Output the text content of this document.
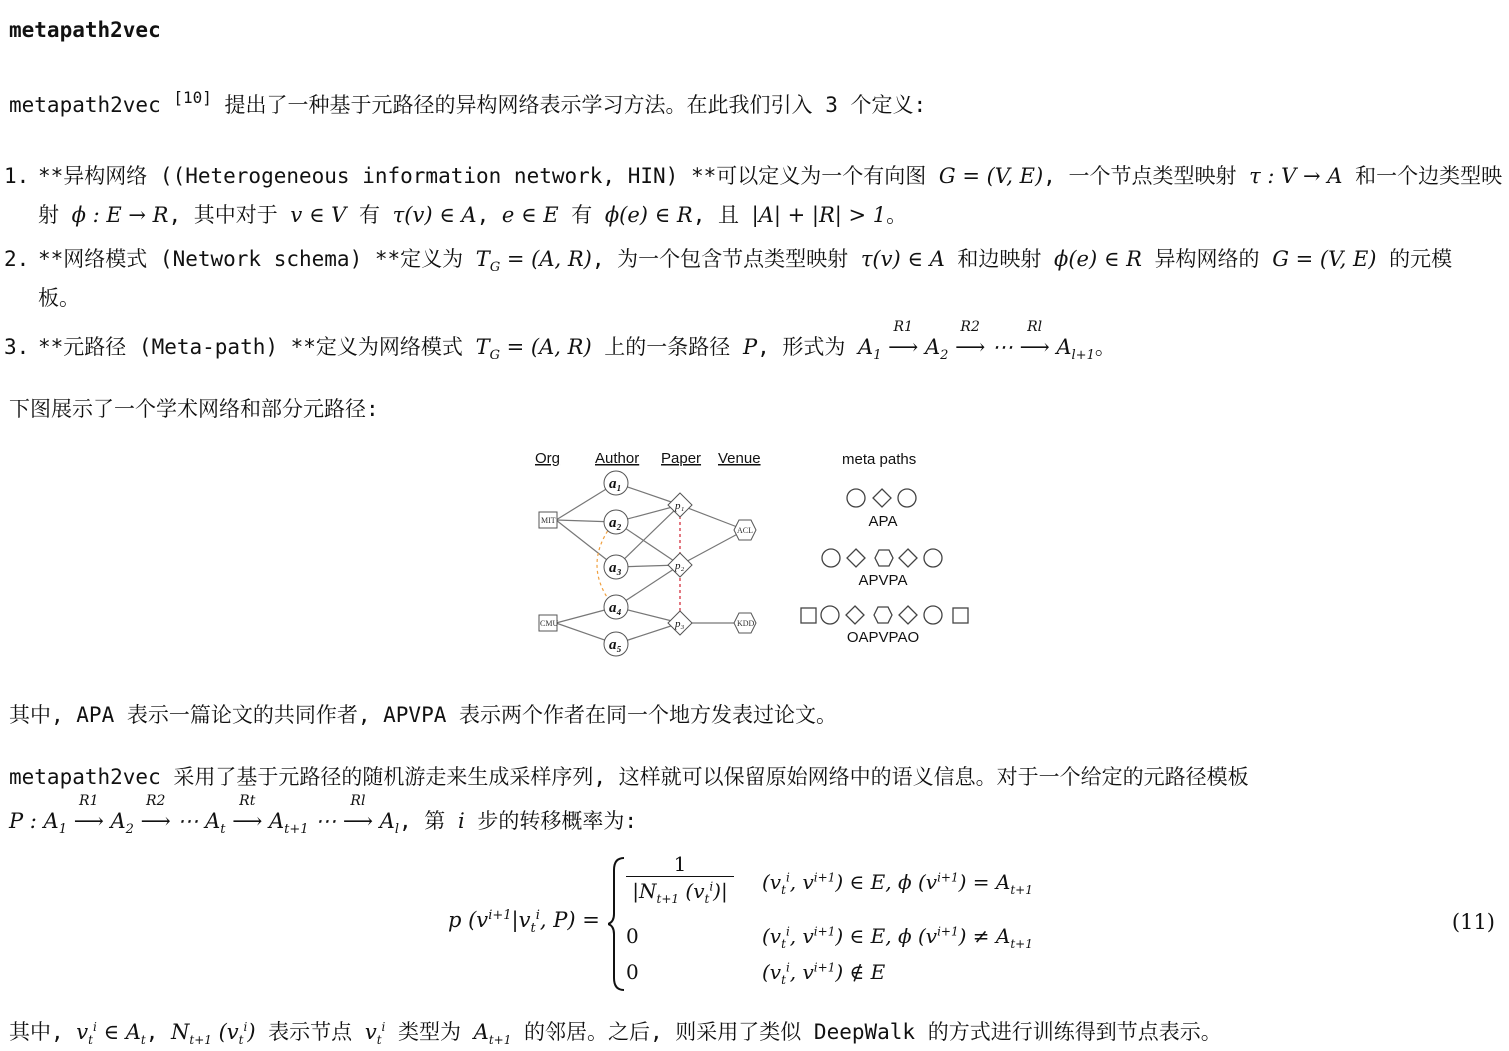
metapath2vec
metapath2vec [10] 提出了一种基于元路径的异构网络表示学习方法。在此我们引入 3 个定义:
1. **异构网络 ((Heterogeneous information network, HIN) **可以定义为一个有向图 G = (V, E), 一个节点类型映射 τ : V → A 和一个边类型映
射 ϕ : E → R, 其中对于 v ∈ V 有 τ(v) ∈ A, e ∈ E 有 ϕ(e) ∈ R, 且 |A| + |R| > 1。
2. **网络模式 (Network schema) **定义为 $T_G = (A$, R), 为一个包含节点类型映射 τ(v) ∈ A 和边映射 ϕ(e) ∈ R 异构网络的 G = (V, E) 的元模
板。
3. **元路径 (Meta-path) **定义为网络模式 $T_G = (A$, R) 上的一条路径 P, 形式为 $A_1$
R1
⟶ $A_2$
R2
⟶ ⋯
Rl
⟶ $A_{l+1}$。
下图展示了一个学术网络和部分元路径:
Org Author Paper Venue	meta paths
MIT
CMU
a₁
a₂
a₃
a₄
a₅
p₁
p₂
p₃
ACL
KDD
APA
APVPA
OAPVPAO
其中, APA 表示一篇论文的共同作者, APVPA 表示两个作者在同一个地方发表过论文。
metapath2vec 采用了基于元路径的随机游走来生成采样序列, 这样就可以保留原始网络中的语义信息。对于一个给定的元路径模板
P : $A_1$
R1
⟶ $A_2$
R2
⟶ ⋯ $A_t$
Rt
⟶ $A_{t+1}$ ⋯
Rl
⟶ $A_l$, 第 i 步的转移概率为:
p ($v^{i+1}|v_t^i$, P) =
1
$|N_{t+1}$ $(v_t^i)|$	($v_t^i$, $v^{i+1}$) ∈ E, ϕ $(v^{i+1}) = A_{t+1}$
0	($v_t^i$, $v^{i+1}$) ∈ E, ϕ $(v^{i+1}) \ne A_{t+1}$
0	($v_t^i$, $v^{i+1}$) ∉ E
(11)
其中, $v_t^i$ ∈ $A_t$, $N_{t+1}$ $(v_t^i)$ 表示节点 $v_t^i$ 类型为 $A_{t+1}$ 的邻居。之后, 则采用了类似 DeepWalk 的方式进行训练得到节点表示。
